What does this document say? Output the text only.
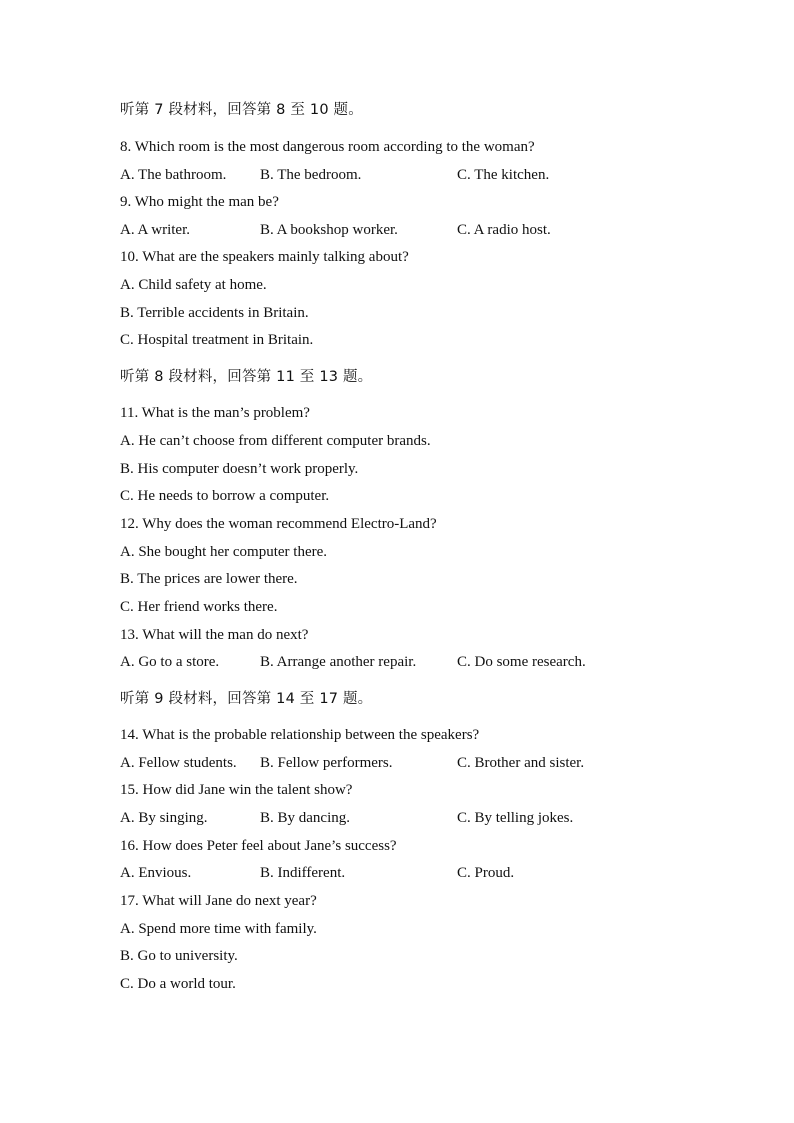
听第 7 段材料，回答第 8 至 10 题。
8. Which room is the most dangerous room according to the woman?
A. The bathroom. B. The bedroom.	C. The kitchen.
9. Who might the man be?
A. A writer.	B. A bookshop worker.	C. A radio host.
10. What are the speakers mainly talking about?
A. Child safety at home.
B. Terrible accidents in Britain.
C. Hospital treatment in Britain.
听第 8 段材料，回答第 11 至 13 题。
11. What is the man’s problem?
A. He can’t choose from different computer brands.
B. His computer doesn’t work properly.
C. He needs to borrow a computer.
12. Why does the woman recommend Electro-Land?
A. She bought her computer there.
B. The prices are lower there.
C. Her friend works there.
13. What will the man do next?
A. Go to a store.	B. Arrange another repair.	C. Do some research.
听第 9 段材料，回答第 14 至 17 题。
14. What is the probable relationship between the speakers?
A. Fellow students. B. Fellow performers.	C. Brother and sister.
15. How did Jane win the talent show?
A. By singing.	B. By dancing.	C. By telling jokes.
16. How does Peter feel about Jane’s success?
A. Envious.	B. Indifferent.	C. Proud.
17. What will Jane do next year?
A. Spend more time with family.
B. Go to university.
C. Do a world tour.
